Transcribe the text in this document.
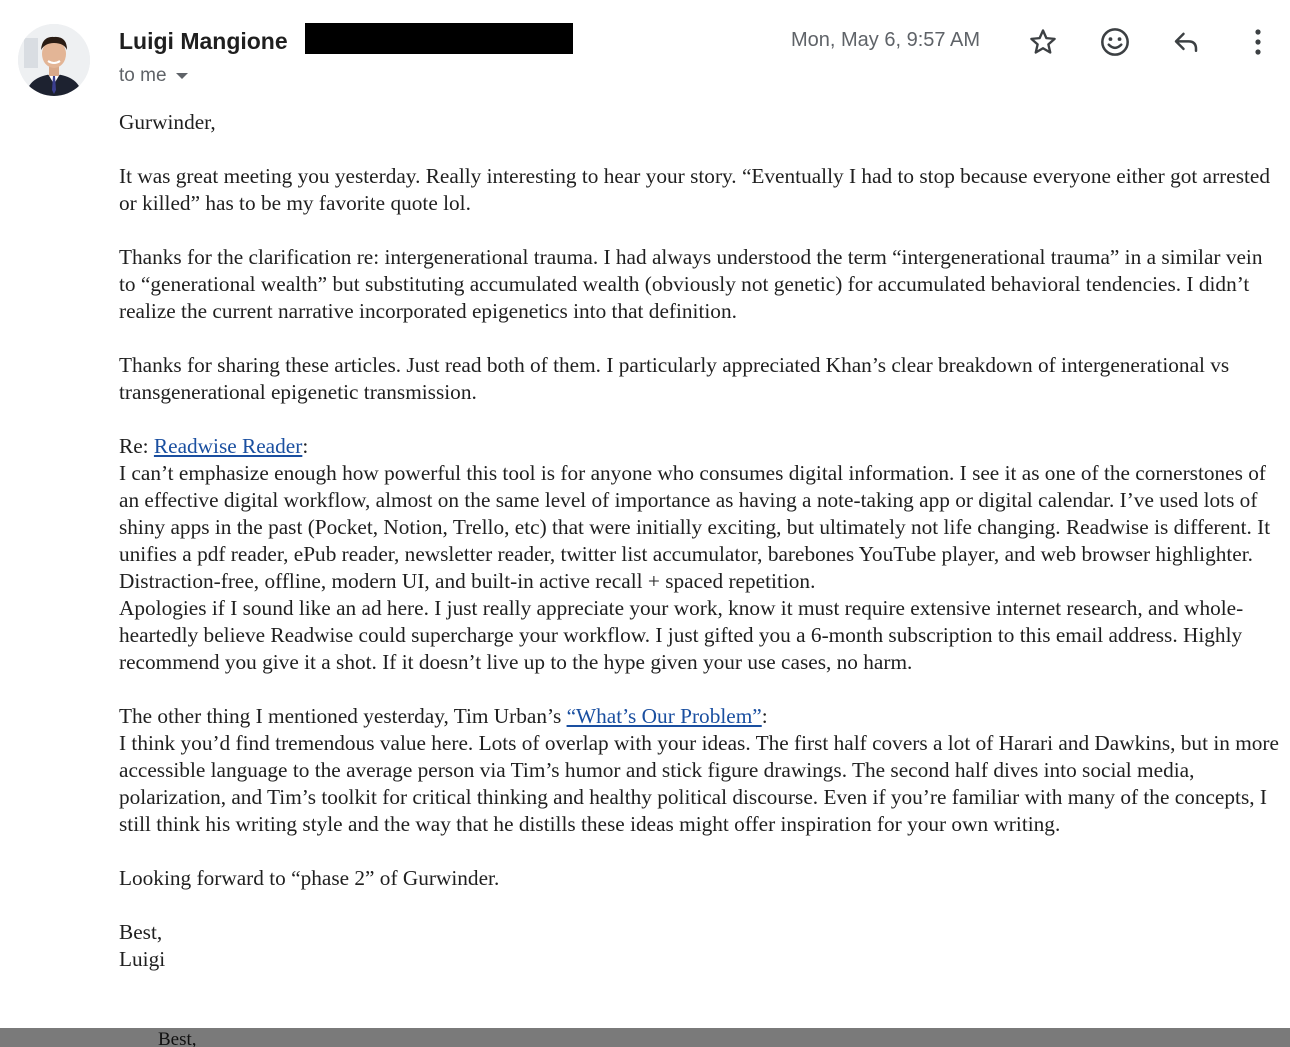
Luigi Mangione
to me
Mon, May 6, 9:57 AM

Gurwinder,

It was great meeting you yesterday. Really interesting to hear your story. “Eventually I had to stop because everyone either got arrested or killed” has to be my favorite quote lol.

Thanks for the clarification re: intergenerational trauma. I had always understood the term “intergenerational trauma” in a similar vein to “generational wealth” but substituting accumulated wealth (obviously not genetic) for accumulated behavioral tendencies. I didn’t realize the current narrative incorporated epigenetics into that definition.

Thanks for sharing these articles. Just read both of them. I particularly appreciated Khan’s clear breakdown of intergenerational vs transgenerational epigenetic transmission.

Re: Readwise Reader:

I can’t emphasize enough how powerful this tool is for anyone who consumes digital information. I see it as one of the cornerstones of an effective digital workflow, almost on the same level of importance as having a note-taking app or digital calendar. I’ve used lots of shiny apps in the past (Pocket, Notion, Trello, etc) that were initially exciting, but ultimately not life changing. Readwise is different. It unifies a pdf reader, ePub reader, newsletter reader, twitter list accumulator, barebones YouTube player, and web browser highlighter. Distraction-free, offline, modern UI, and built-in active recall + spaced repetition.

Apologies if I sound like an ad here. I just really appreciate your work, know it must require extensive internet research, and whole-heartedly believe Readwise could supercharge your workflow. I just gifted you a 6-month subscription to this email address. Highly recommend you give it a shot. If it doesn’t live up to the hype given your use cases, no harm.

The other thing I mentioned yesterday, Tim Urban’s “What’s Our Problem”:

I think you’d find tremendous value here. Lots of overlap with your ideas. The first half covers a lot of Harari and Dawkins, but in more accessible language to the average person via Tim’s humor and stick figure drawings. The second half dives into social media, polarization, and Tim’s toolkit for critical thinking and healthy political discourse. Even if you’re familiar with many of the concepts, I still think his writing style and the way that he distills these ideas might offer inspiration for your own writing.

Looking forward to “phase 2” of Gurwinder.

Best,

Luigi

Best,
